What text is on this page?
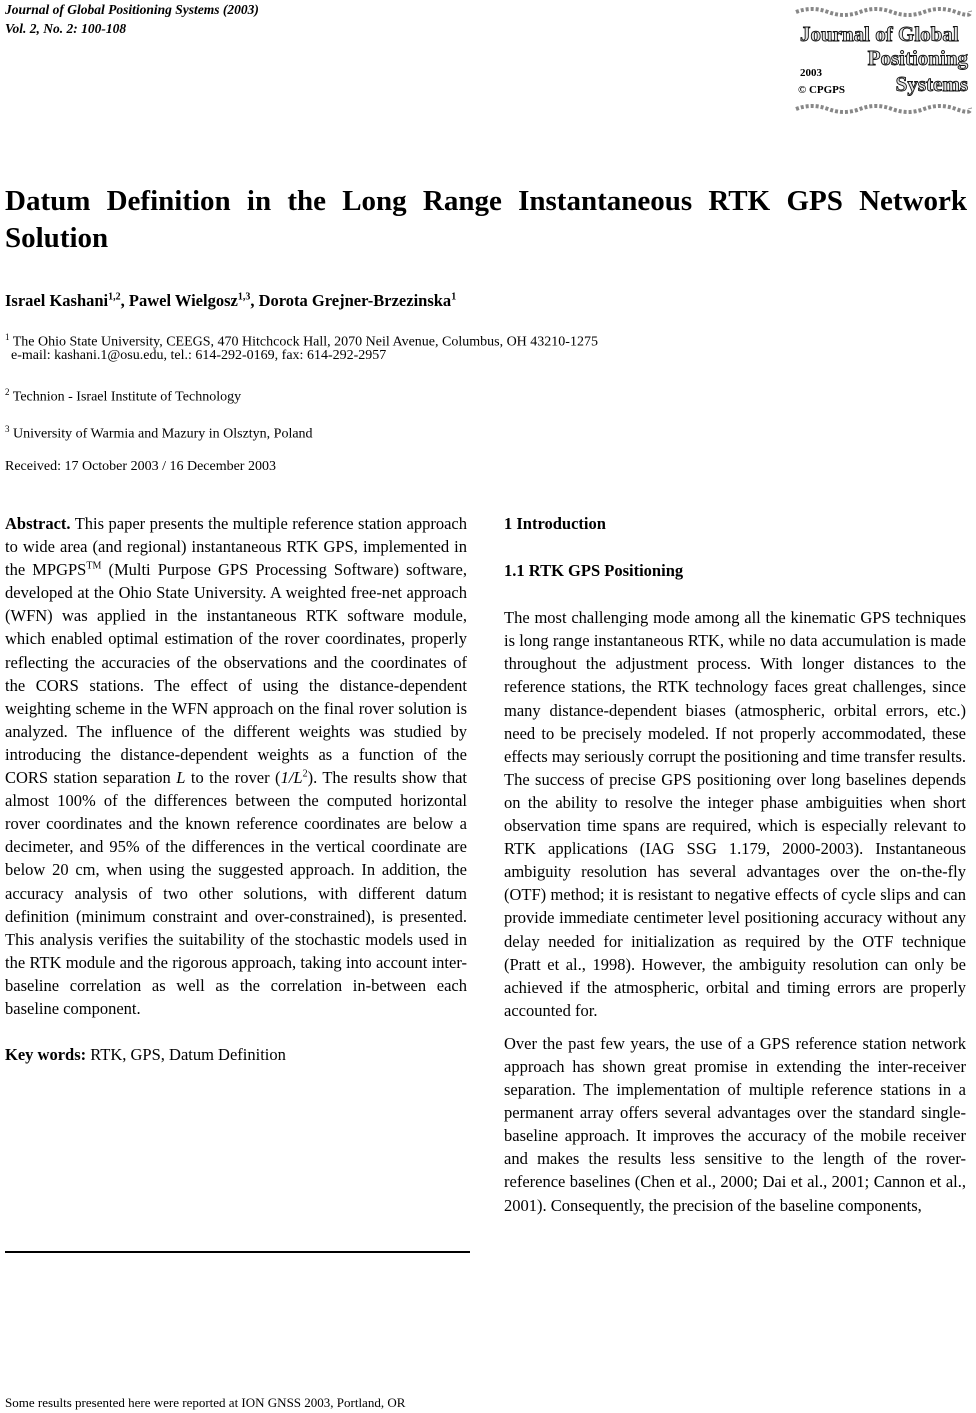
Journal of Global Positioning Systems (2003)
Vol. 2, No. 2: 100-108	Journal of Global
Positioning
Systems
2003
© CPGPS
Datum Definition in the Long Range Instantaneous RTK GPS Network Solution
Israel Kashani$^{1,2}$, Pawel Wielgosz$^{1,3}$, Dorota Grejner-Brzezinska$^1$
$^1$ The Ohio State University, CEEGS, 470 Hitchcock Hall, 2070 Neil Avenue, Columbus, OH 43210-1275
e-mail: kashani.1@osu.edu, tel.: 614-292-0169, fax: 614-292-2957
$^2$ Technion - Israel Institute of Technology
$^3$ University of Warmia and Mazury in Olsztyn, Poland
Received: 17 October 2003 / 16 December 2003

Abstract. This paper presents the multiple reference station approach to wide area (and regional) instantaneous RTK GPS, implemented in the MPGPS™ (Multi Purpose GPS Processing Software) software, developed at the Ohio State University. A weighted free-net approach (WFN) was applied in the instantaneous RTK software module, which enabled optimal estimation of the rover coordinates, properly reflecting the accuracies of the observations and the coordinates of the CORS stations. The effect of using the distance-dependent weighting scheme in the WFN approach on the final rover solution is analyzed. The influence of the different weights was studied by introducing the distance-dependent weights as a function of the CORS station separation L to the rover $(1/L^2)$. The results show that almost 100% of the differences between the computed horizontal rover coordinates and the known reference coordinates are below a decimeter, and 95% of the differences in the vertical coordinate are below 20 cm, when using the suggested approach. In addition, the accuracy analysis of two other solutions, with different datum definition (minimum constraint and over-constrained), is presented. This analysis verifies the suitability of the stochastic models used in the RTK module and the rigorous approach, taking into account inter-baseline correlation as well as the correlation in-between each baseline component.

Key words: RTK, GPS, Datum Definition

1 Introduction

1.1 RTK GPS Positioning

The most challenging mode among all the kinematic GPS techniques is long range instantaneous RTK, while no data accumulation is made throughout the adjustment process. With longer distances to the reference stations, the RTK technology faces great challenges, since many distance-dependent biases (atmospheric, orbital errors, etc.) need to be precisely modeled. If not properly accommodated, these effects may seriously corrupt the positioning and time transfer results. The success of precise GPS positioning over long baselines depends on the ability to resolve the integer phase ambiguities when short observation time spans are required, which is especially relevant to RTK applications (IAG SSG 1.179, 2000-2003). Instantaneous ambiguity resolution has several advantages over the on-the-fly (OTF) method; it is resistant to negative effects of cycle slips and can provide immediate centimeter level positioning accuracy without any delay needed for initialization as required by the OTF technique (Pratt et al., 1998). However, the ambiguity resolution can only be achieved if the atmospheric, orbital and timing errors are properly accounted for.

Over the past few years, the use of a GPS reference station network approach has shown great promise in extending the inter-receiver separation. The implementation of multiple reference stations in a permanent array offers several advantages over the standard single-baseline approach. It improves the accuracy of the mobile receiver and makes the results less sensitive to the length of the rover-reference baselines (Chen et al., 2000; Dai et al., 2001; Cannon et al., 2001). Consequently, the precision of the baseline components,

Some results presented here were reported at ION GNSS 2003, Portland, OR
